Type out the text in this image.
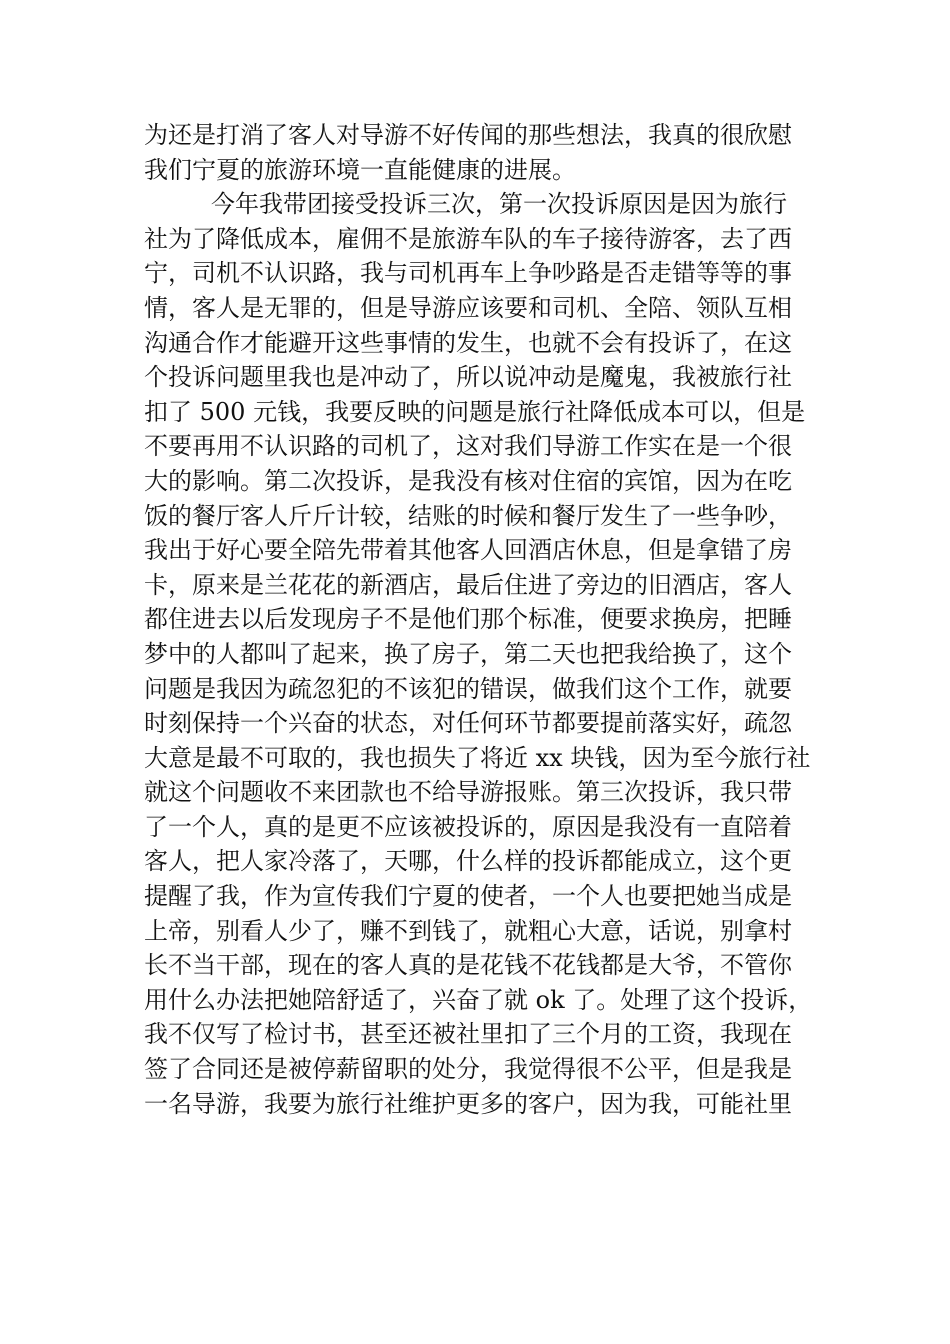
为还是打消了客人对导游不好传闻的那些想法，我真的很欣慰
我们宁夏的旅游环境一直能健康的进展。
今年我带团接受投诉三次，第一次投诉原因是因为旅行
社为了降低成本，雇佣不是旅游车队的车子接待游客，去了西
宁，司机不认识路，我与司机再车上争吵路是否走错等等的事
情，客人是无罪的，但是导游应该要和司机、全陪、领队互相
沟通合作才能避开这些事情的发生，也就不会有投诉了，在这
个投诉问题里我也是冲动了，所以说冲动是魔鬼，我被旅行社
扣了 500 元钱，我要反映的问题是旅行社降低成本可以，但是
不要再用不认识路的司机了，这对我们导游工作实在是一个很
大的影响。第二次投诉，是我没有核对住宿的宾馆，因为在吃
饭的餐厅客人斤斤计较，结账的时候和餐厅发生了一些争吵，
我出于好心要全陪先带着其他客人回酒店休息，但是拿错了房
卡，原来是兰花花的新酒店，最后住进了旁边的旧酒店，客人
都住进去以后发现房子不是他们那个标准，便要求换房，把睡
梦中的人都叫了起来，换了房子，第二天也把我给换了，这个
问题是我因为疏忽犯的不该犯的错误，做我们这个工作，就要
时刻保持一个兴奋的状态，对任何环节都要提前落实好，疏忽
大意是最不可取的，我也损失了将近 xx 块钱，因为至今旅行社
就这个问题收不来团款也不给导游报账。第三次投诉，我只带
了一个人，真的是更不应该被投诉的，原因是我没有一直陪着
客人，把人家冷落了，天哪，什么样的投诉都能成立，这个更
提醒了我，作为宣传我们宁夏的使者，一个人也要把她当成是
上帝，别看人少了，赚不到钱了，就粗心大意，话说，别拿村
长不当干部，现在的客人真的是花钱不花钱都是大爷，不管你
用什么办法把她陪舒适了，兴奋了就 ok 了。处理了这个投诉，
我不仅写了检讨书，甚至还被社里扣了三个月的工资，我现在
签了合同还是被停薪留职的处分，我觉得很不公平，但是我是
一名导游，我要为旅行社维护更多的客户，因为我，可能社里
